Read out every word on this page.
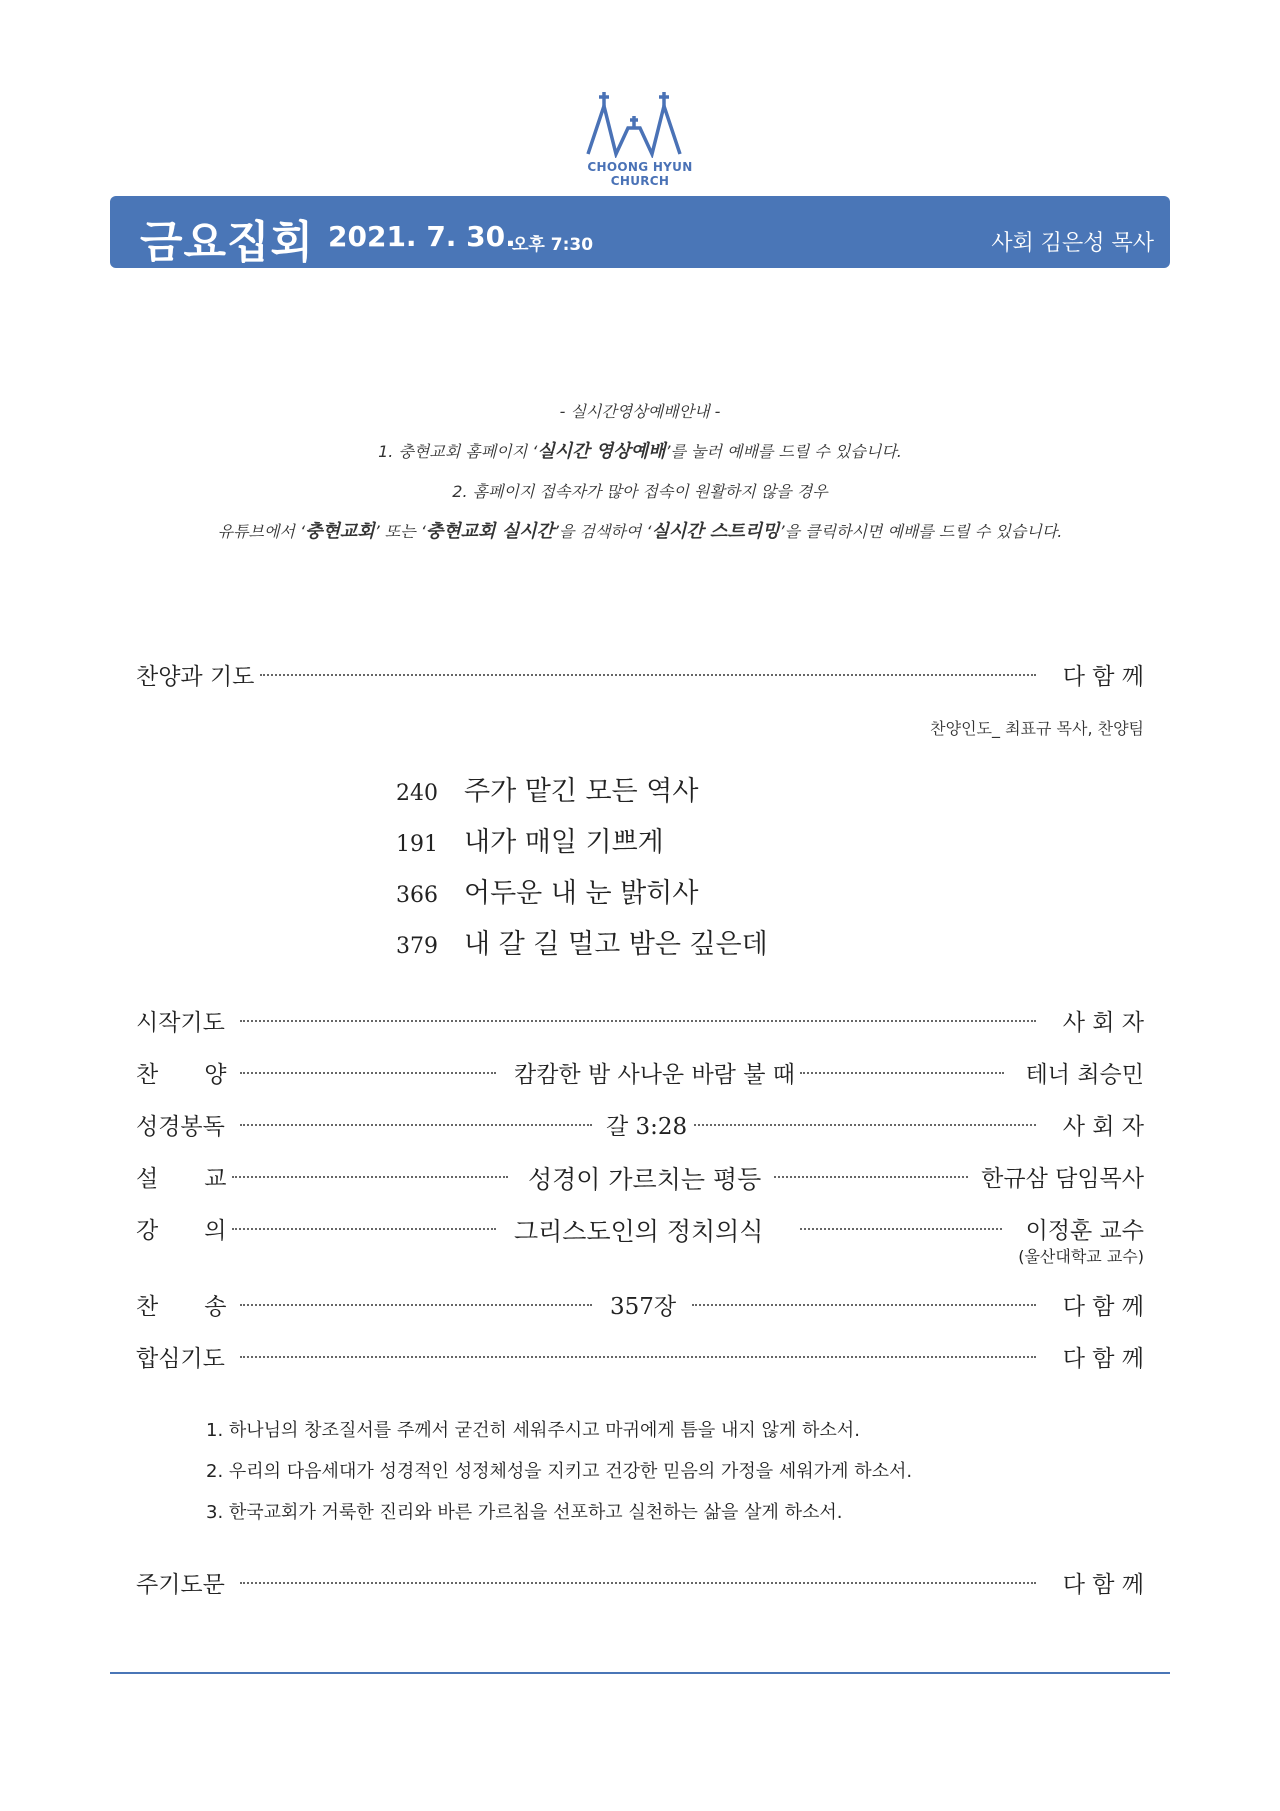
CHOONG HYUN CHURCH
금요집회 2021. 7. 30.
오후 7:30	사회 김은성 목사
- 실시간영상예배안내 -
1. 충현교회 홈페이지 ‘실시간 영상예배’를 눌러 예배를 드릴 수 있습니다.
2. 홈페이지 접속자가 많아 접속이 원활하지 않을 경우
유튜브에서 ‘충현교회’ 또는 ‘충현교회 실시간’을 검색하여 ‘실시간 스트리밍’을 클릭하시면 예배를 드릴 수 있습니다.
찬양과 기도	다 함 께
찬양인도_ 최표규 목사, 찬양팀
240 주가 맡긴 모든 역사
191 내가 매일 기쁘게
366 어두운 내 눈 밝히사
379 내 갈 길 멀고 밤은 깊은데
시작기도	사 회 자
찬　　양	캄캄한 밤 사나운 바람 불 때	테너 최승민
성경봉독	갈 3:28	사 회 자
설　　교	성경이 가르치는 평등	한규삼 담임목사
강　　의	그리스도인의 정치의식	이정훈 교수
(울산대학교 교수)
찬　　송	357장	다 함 께
합심기도	다 함 께
1. 하나님의 창조질서를 주께서 굳건히 세워주시고 마귀에게 틈을 내지 않게 하소서.
2. 우리의 다음세대가 성경적인 성정체성을 지키고 건강한 믿음의 가정을 세워가게 하소서.
3. 한국교회가 거룩한 진리와 바른 가르침을 선포하고 실천하는 삶을 살게 하소서.
주기도문	다 함 께
